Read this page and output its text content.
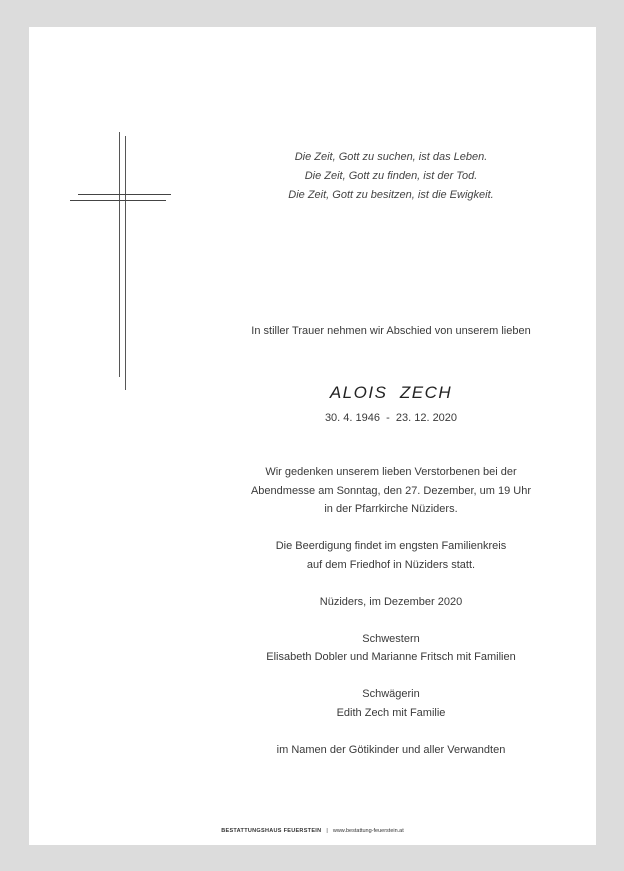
Die Zeit, Gott zu suchen, ist das Leben.
Die Zeit, Gott zu finden, ist der Tod.
Die Zeit, Gott zu besitzen, ist die Ewigkeit.
In stiller Trauer nehmen wir Abschied von unserem lieben
ALOIS  ZECH
30. 4. 1946  -  23. 12. 2020

Wir gedenken unserem lieben Verstorbenen bei der
Abendmesse am Sonntag, den 27. Dezember, um 19 Uhr
in der Pfarrkirche Nüziders.

Die Beerdigung findet im engsten Familienkreis
auf dem Friedhof in Nüziders statt.

Nüziders, im Dezember 2020

Schwestern
Elisabeth Dobler und Marianne Fritsch mit Familien

Schwägerin
Edith Zech mit Familie

im Namen der Götikinder und aller Verwandten

BESTATTUNGSHAUS FEUERSTEIN | www.bestattung-feuerstein.at
